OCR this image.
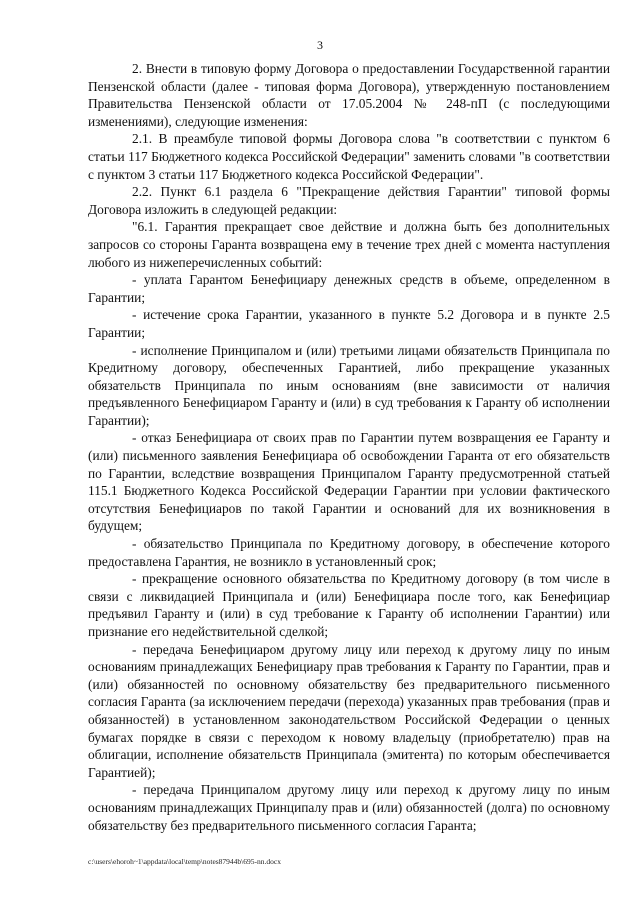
3

2. Внести в типовую форму Договора о предоставлении Государственной гарантии Пензенской области (далее - типовая форма Договора), утвержденную постановлением Правительства Пензенской области от 17.05.2004 № 248-пП (с последующими изменениями), следующие изменения:

2.1. В преамбуле типовой формы Договора слова "в соответствии с пунктом 6 статьи 117 Бюджетного кодекса Российской Федерации" заменить словами "в соответствии с пунктом 3 статьи 117 Бюджетного кодекса Российской Федерации".

2.2. Пункт 6.1 раздела 6 "Прекращение действия Гарантии" типовой формы Договора изложить в следующей редакции:

"6.1. Гарантия прекращает свое действие и должна быть без дополнительных запросов со стороны Гаранта возвращена ему в течение трех дней с момента наступления любого из нижеперечисленных событий:

- уплата Гарантом Бенефициару денежных средств в объеме, определенном в Гарантии;

- истечение срока Гарантии, указанного в пункте 5.2 Договора и в пункте 2.5 Гарантии;

- исполнение Принципалом и (или) третьими лицами обязательств Принципала по Кредитному договору, обеспеченных Гарантией, либо прекращение указанных обязательств Принципала по иным основаниям (вне зависимости от наличия предъявленного Бенефициаром Гаранту и (или) в суд требования к Гаранту об исполнении Гарантии);

- отказ Бенефициара от своих прав по Гарантии путем возвращения ее Гаранту и (или) письменного заявления Бенефициара об освобождении Гаранта от его обязательств по Гарантии, вследствие возвращения Принципалом Гаранту предусмотренной статьей 115.1 Бюджетного Кодекса Российской Федерации Гарантии при условии фактического отсутствия Бенефициаров по такой Гарантии и оснований для их возникновения в будущем;

- обязательство Принципала по Кредитному договору, в обеспечение которого предоставлена Гарантия, не возникло в установленный срок;

- прекращение основного обязательства по Кредитному договору (в том числе в связи с ликвидацией Принципала и (или) Бенефициара после того, как Бенефициар предъявил Гаранту и (или) в суд требование к Гаранту об исполнении Гарантии) или признание его недействительной сделкой;

- передача Бенефициаром другому лицу или переход к другому лицу по иным основаниям принадлежащих Бенефициару прав требования к Гаранту по Гарантии, прав и (или) обязанностей по основному обязательству без предварительного письменного согласия Гаранта (за исключением передачи (перехода) указанных прав требования (прав и обязанностей) в установленном законодательством Российской Федерации о ценных бумагах порядке в связи с переходом к новому владельцу (приобретателю) прав на облигации, исполнение обязательств Принципала (эмитента) по которым обеспечивается Гарантией);

- передача Принципалом другому лицу или переход к другому лицу по иным основаниям принадлежащих Принципалу прав и (или) обязанностей (долга) по основному обязательству без предварительного письменного согласия Гаранта;

c:\users\ehoroh~1\appdata\local\temp\notes87944b\695-nn.docx
